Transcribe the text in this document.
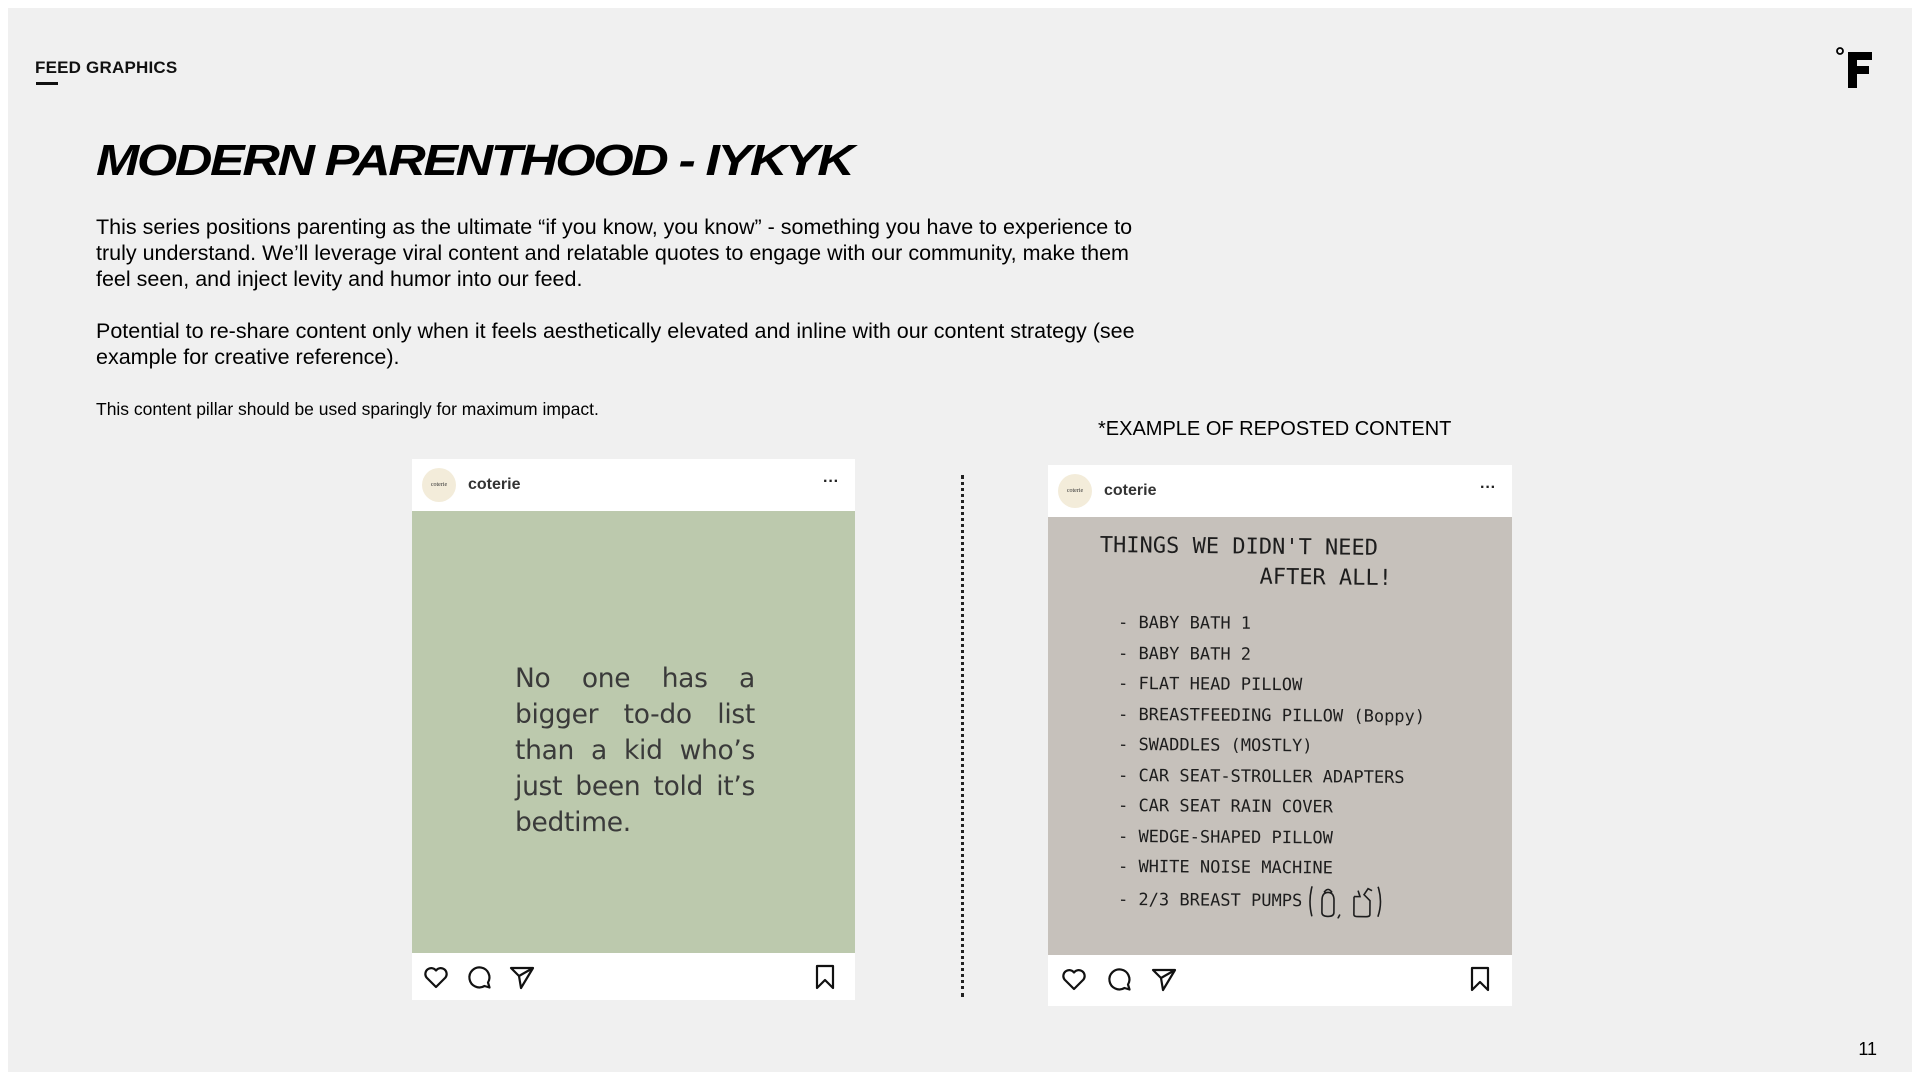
FEED GRAPHICS
MODERN PARENTHOOD - IYKYK

This series positions parenting as the ultimate “if you know, you know” - something you have to experience to truly understand. We’ll leverage viral content and relatable quotes to engage with our community, make them feel seen, and inject levity and humor into our feed.

Potential to re-share content only when it feels aesthetically elevated and inline with our content strategy (see example for creative reference).

This content pillar should be used sparingly for maximum impact.

*EXAMPLE OF REPOSTED CONTENT
coterie	coterie	···
No one has a bigger to-do list than a kid who’s just been told it’s bedtime.
coterie	coterie	···
THINGS WE DIDN'T NEED
AFTER ALL!
- BABY BATH 1
- BABY BATH 2
- FLAT HEAD PILLOW
- BREASTFEEDING PILLOW (Boppy)
- SWADDLES (MOSTLY)
- CAR SEAT-STROLLER ADAPTERS
- CAR SEAT RAIN COVER
- WEDGE-SHAPED PILLOW
- WHITE NOISE MACHINE
- 2/3 BREAST PUMPS
11
